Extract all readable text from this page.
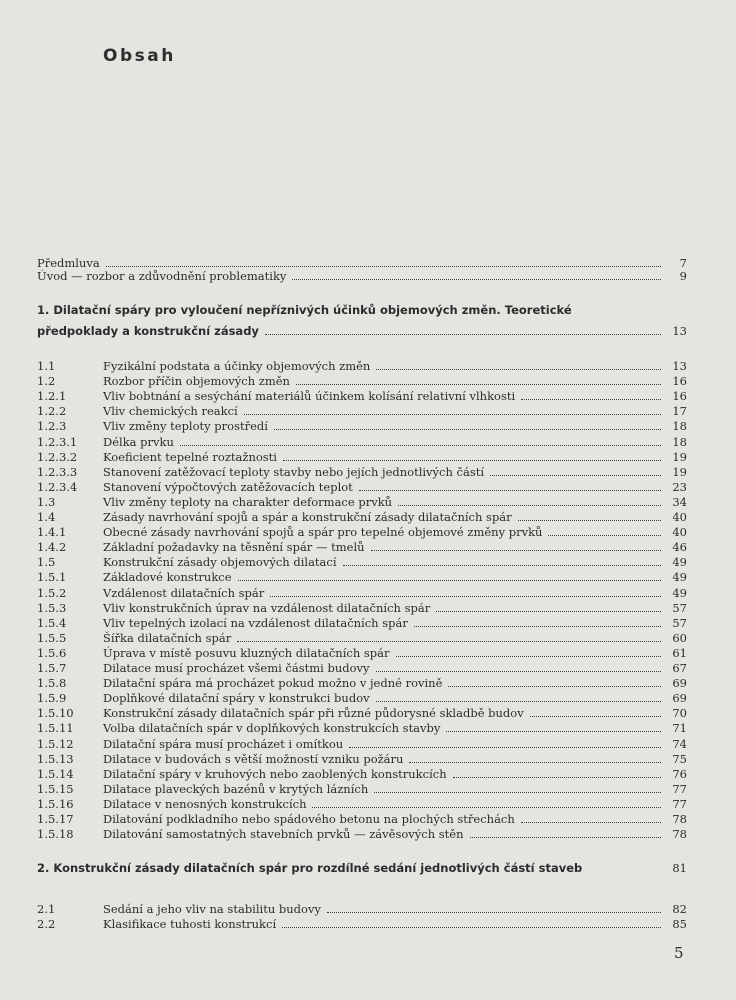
Obsah
Předmluva	7
Úvod — rozbor a zdůvodnění problematiky	9
1. Dilatační spáry pro vyloučení nepříznivých účinků objemových změn. Teoretické
předpoklady a konstrukční zásady	13
1.1	Fyzikální podstata a účinky objemových změn	13
1.2	Rozbor příčin objemových změn	16
1.2.1	Vliv bobtnání a sesýchání materiálů účinkem kolísání relativní vlhkosti	16
1.2.2	Vliv chemických reakcí	17
1.2.3	Vliv změny teploty prostředí	18
1.2.3.1 Délka prvku	18
1.2.3.2 Koeficient tepelné roztažnosti	19
1.2.3.3 Stanovení zatěžovací teploty stavby nebo jejích jednotlivých částí	19
1.2.3.4 Stanovení výpočtových zatěžovacích teplot	23
1.3	Vliv změny teploty na charakter deformace prvků	34
1.4	Zásady navrhování spojů a spár a konstrukční zásady dilatačních spár	40
1.4.1	Obecné zásady navrhování spojů a spár pro tepelné objemové změny prvků	40
1.4.2	Základní požadavky na těsnění spár — tmelů	46
1.5	Konstrukční zásady objemových dilatací	49
1.5.1	Základové konstrukce	49
1.5.2	Vzdálenost dilatačních spár	49
1.5.3	Vliv konstrukčních úprav na vzdálenost dilatačních spár	57
1.5.4	Vliv tepelných izolací na vzdálenost dilatačních spár	57
1.5.5	Šířka dilatačních spár	60
1.5.6	Úprava v místě posuvu kluzných dilatačních spár	61
1.5.7	Dilatace musí procházet všemi částmi budovy	67
1.5.8	Dilatační spára má procházet pokud možno v jedné rovině	69
1.5.9	Doplňkové dilatační spáry v konstrukci budov	69
1.5.10	Konstrukční zásady dilatačních spár při různé půdorysné skladbě budov	70
1.5.11	Volba dilatačních spár v doplňkových konstrukcích stavby	71
1.5.12	Dilatační spára musí procházet i omítkou	74
1.5.13	Dilatace v budovách s větší možností vzniku požáru	75
1.5.14	Dilatační spáry v kruhových nebo zaoblených konstrukcích	76
1.5.15	Dilatace plaveckých bazénů v krytých lázních	77
1.5.16	Dilatace v nenosných konstrukcích	77
1.5.17	Dilatování podkladního nebo spádového betonu na plochých střechách	78
1.5.18	Dilatování samostatných stavebních prvků — závěsových stěn	78
2. Konstrukční zásady dilatačních spár pro rozdílné sedání jednotlivých částí staveb	81
2.1	Sedání a jeho vliv na stabilitu budovy	82
2.2	Klasifikace tuhosti konstrukcí	85
5
